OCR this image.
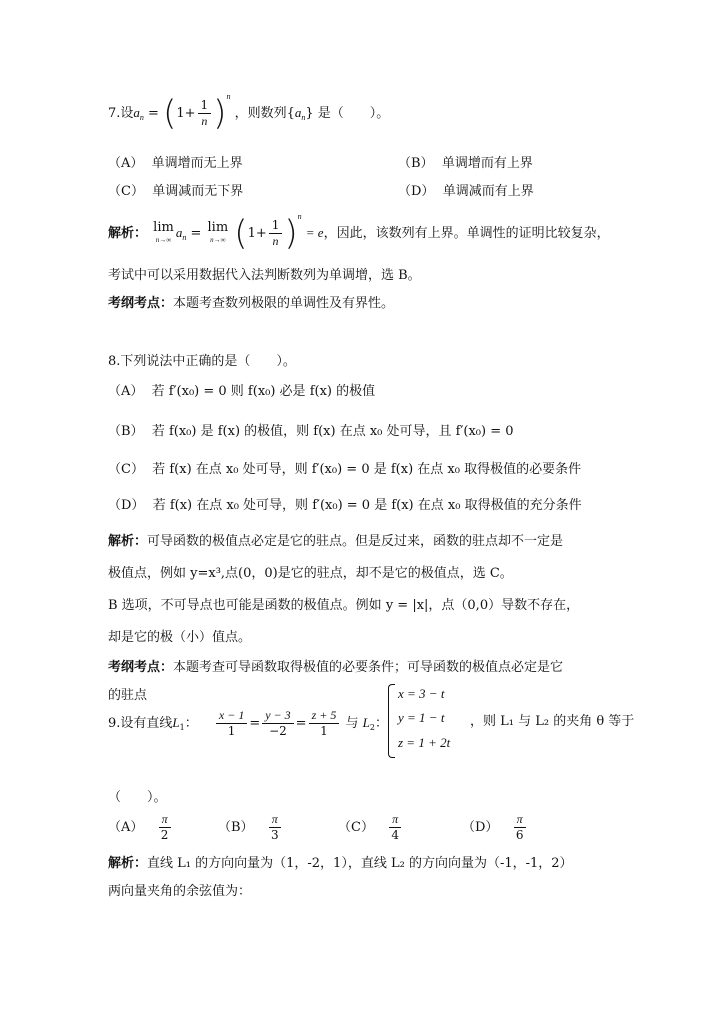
7.设$a_n = (1+ \frac{1}{n} )^n$ ，则数列$\{a_n\}$ 是（　　）。
（A） 单调增而无上界	（B） 单调增而有上界
（C） 单调减而无下界	（D） 单调减而有上界
解析： lim
n→∞ $a_n = \lim$
n→∞ $(1+ \frac{1}{n} )^n = e$，因此，该数列有上界。单调性的证明比较复杂，
考试中可以采用数据代入法判断数列为单调增，选 B。
考纲考点：本题考查数列极限的单调性及有界性。
8.下列说法中正确的是（　　）。
（A） 若 f′(x₀) = 0 则 f(x₀) 必是 f(x) 的极值
（B） 若 f(x₀) 是 f(x) 的极值，则 f(x) 在点 x₀ 处可导，且 f′(x₀) = 0
（C） 若 f(x) 在点 x₀ 处可导，则 f′(x₀) = 0 是 f(x) 在点 x₀ 取得极值的必要条件
（D） 若 f(x) 在点 x₀ 处可导，则 f′(x₀) = 0 是 f(x) 在点 x₀ 取得极值的充分条件
解析：可导函数的极值点必定是它的驻点。但是反过来，函数的驻点却不一定是
极值点，例如 y=x³,点(0，0)是它的驻点，却不是它的极值点，选 C。
B 选项，不可导点也可能是函数的极值点。例如 y = |x|，点（0,0）导数不存在，
却是它的极（小）值点。
考纲考点：本题考查可导函数取得极值的必要条件；可导函数的极值点必定是它
的驻点
9.设有直线$L_1$： $\frac{x - 1}{1} = \frac{y - 3}{-2} = \frac{z + 5}{1}$ 与 $L_2$：
x = 3 − t
y = 1 − t
z = 1 + 2t
，则 L₁ 与 L₂ 的夹角 θ 等于
（　　）。
$(A) \frac{\pi}{2}$	$(B) \frac{\pi}{3}$	$(C) \frac{\pi}{4}$	$(D) \frac{\pi}{6}$
解析：直线 L₁ 的方向向量为（1，-2，1），直线 L₂ 的方向向量为（-1，-1，2）
两向量夹角的余弦值为：
